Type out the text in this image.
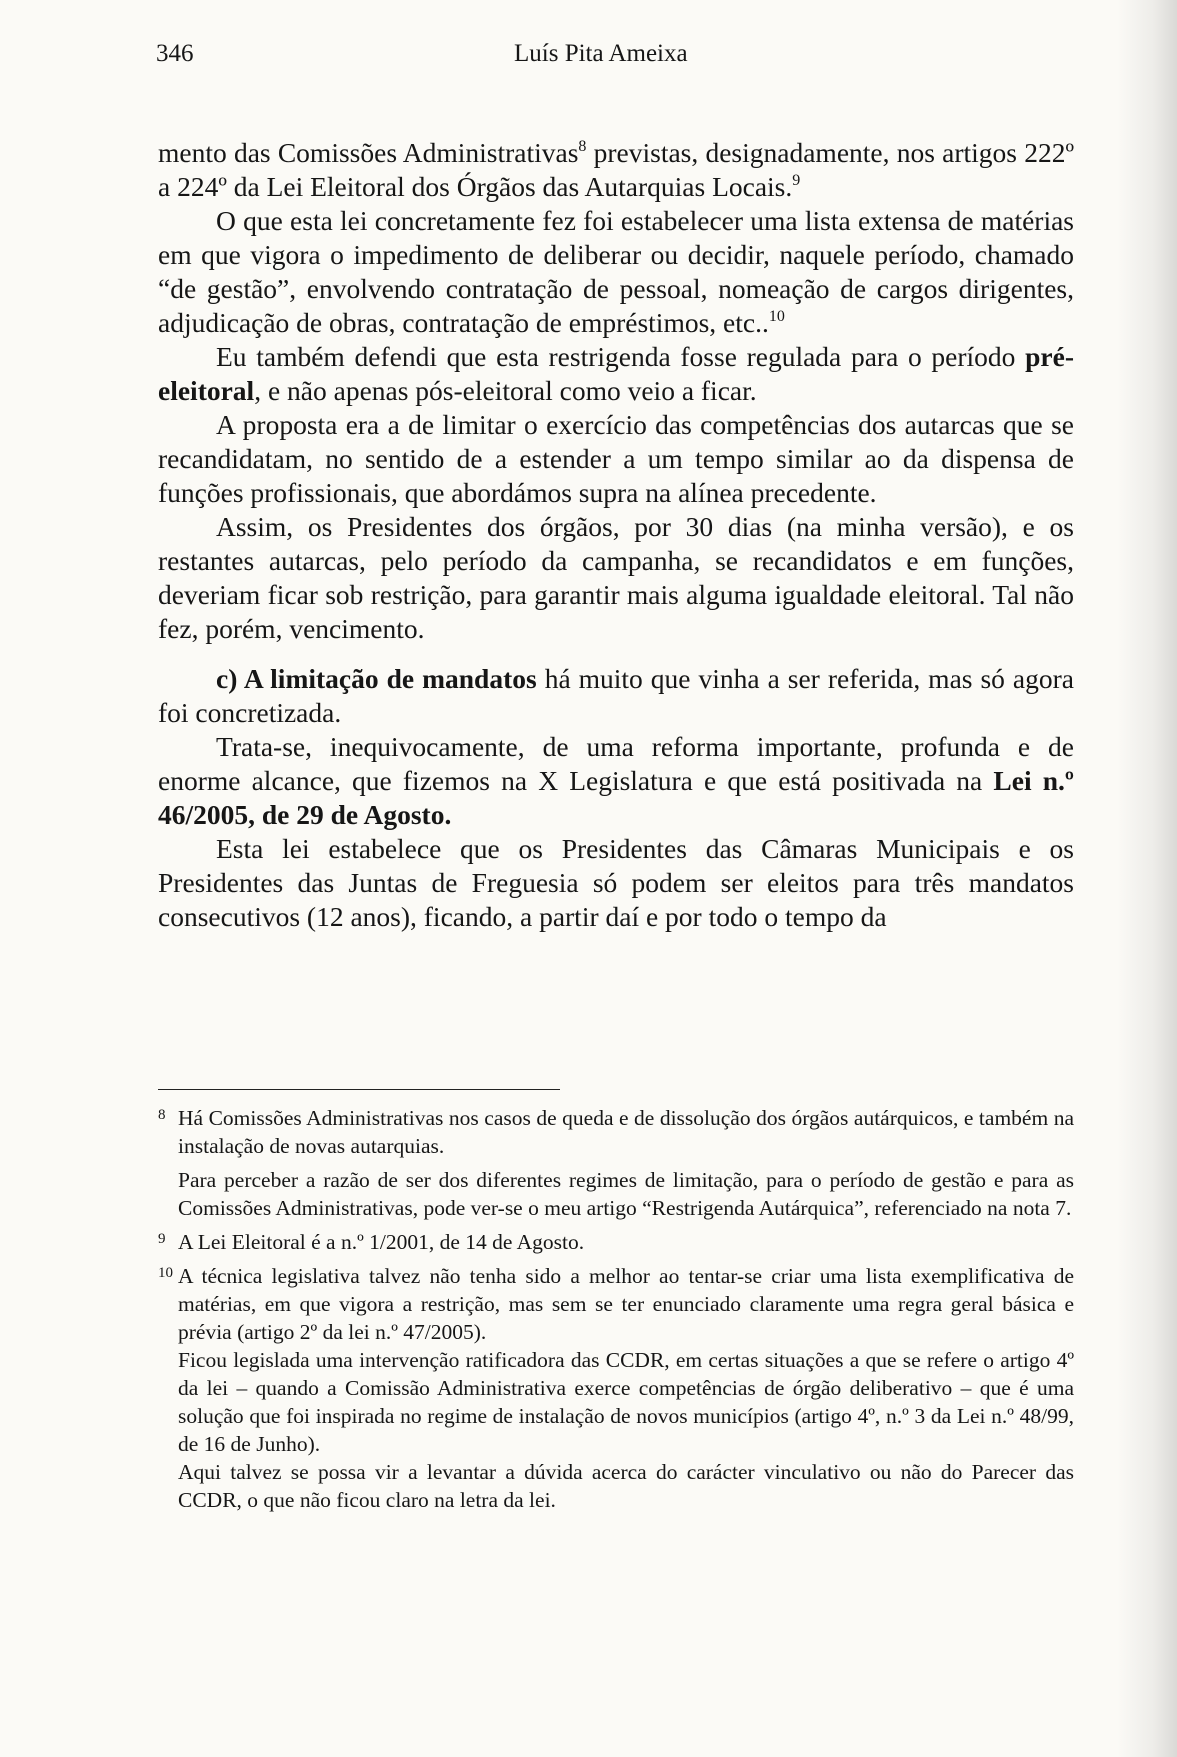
346	Luís Pita Ameixa

mento das Comissões Administrativas$^8$ previstas, designadamente, nos artigos 222º a 224º da Lei Eleitoral dos Órgãos das Autarquias Locais.$^9$

O que esta lei concretamente fez foi estabelecer uma lista extensa de matérias em que vigora o impedimento de deliberar ou decidir, naquele período, chamado “de gestão”, envolvendo contratação de pessoal, nomeação de cargos dirigentes, adjudicação de obras, contratação de empréstimos, etc..$^{10}$

Eu também defendi que esta restrigenda fosse regulada para o período pré-eleitoral, e não apenas pós-eleitoral como veio a ficar.

A proposta era a de limitar o exercício das competências dos autarcas que se recandidatam, no sentido de a estender a um tempo similar ao da dispensa de funções profissionais, que abordámos supra na alínea precedente.

Assim, os Presidentes dos órgãos, por 30 dias (na minha versão), e os restantes autarcas, pelo período da campanha, se recandidatos e em funções, deveriam ficar sob restrição, para garantir mais alguma igualdade eleitoral. Tal não fez, porém, vencimento.

c) A limitação de mandatos há muito que vinha a ser referida, mas só agora foi concretizada.

Trata-se, inequivocamente, de uma reforma importante, profunda e de enorme alcance, que fizemos na X Legislatura e que está positivada na Lei n.º 46/2005, de 29 de Agosto.

Esta lei estabelece que os Presidentes das Câmaras Municipais e os Presidentes das Juntas de Freguesia só podem ser eleitos para três mandatos consecutivos (12 anos), ficando, a partir daí e por todo o tempo da

8 Há Comissões Administrativas nos casos de queda e de dissolução dos órgãos autárquicos, e também na instalação de novas autarquias.

Para perceber a razão de ser dos diferentes regimes de limitação, para o período de gestão e para as Comissões Administrativas, pode ver-se o meu artigo “Restrigenda Autárquica”, referenciado na nota 7.

9 A Lei Eleitoral é a n.º 1/2001, de 14 de Agosto.

10 A técnica legislativa talvez não tenha sido a melhor ao tentar-se criar uma lista exemplificativa de matérias, em que vigora a restrição, mas sem se ter enunciado claramente uma regra geral básica e prévia (artigo 2º da lei n.º 47/2005).

Ficou legislada uma intervenção ratificadora das CCDR, em certas situações a que se refere o artigo 4º da lei – quando a Comissão Administrativa exerce competências de órgão deliberativo – que é uma solução que foi inspirada no regime de instalação de novos municípios (artigo 4º, n.º 3 da Lei n.º 48/99, de 16 de Junho).

Aqui talvez se possa vir a levantar a dúvida acerca do carácter vinculativo ou não do Parecer das CCDR, o que não ficou claro na letra da lei.
